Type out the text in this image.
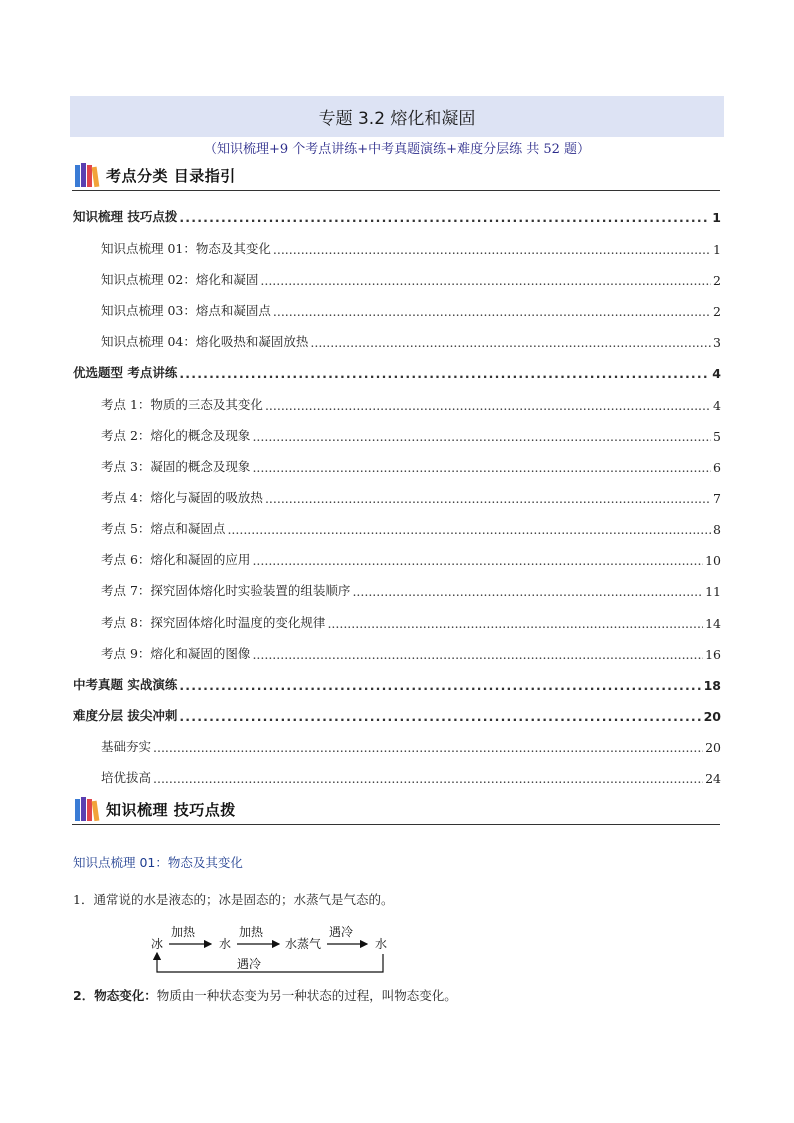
专题 3.2 熔化和凝固
（知识梳理+9 个考点讲练+中考真题演练+难度分层练 共 52 题）
考点分类 目录指引
知识梳理 技巧点拨 .....	1
知识点梳理 01：物态及其变化 .....	1
知识点梳理 02：熔化和凝固 .....	2
知识点梳理 03：熔点和凝固点 .....	2
知识点梳理 04：熔化吸热和凝固放热 .....	3
优选题型 考点讲练 .....	4
考点 1：物质的三态及其变化 .....	4
考点 2：熔化的概念及现象 .....	5
考点 3：凝固的概念及现象 .....	6
考点 4：熔化与凝固的吸放热 .....	7
考点 5：熔点和凝固点 .....	8
考点 6：熔化和凝固的应用 .....	10
考点 7：探究固体熔化时实验装置的组装顺序 .....	11
考点 8：探究固体熔化时温度的变化规律 .....	14
考点 9：熔化和凝固的图像 .....	16
中考真题 实战演练 .....	18
难度分层 拔尖冲刺 .....	20
基础夯实 .....	20
培优拔高 .....	24
知识梳理 技巧点拨
知识点梳理 01：物态及其变化
1．通常说的水是液态的；冰是固态的；水蒸气是气态的。
冰
加热
水
加热
水蒸气
遇冷
水
遇冷
2．物态变化：物质由一种状态变为另一种状态的过程，叫物态变化。
